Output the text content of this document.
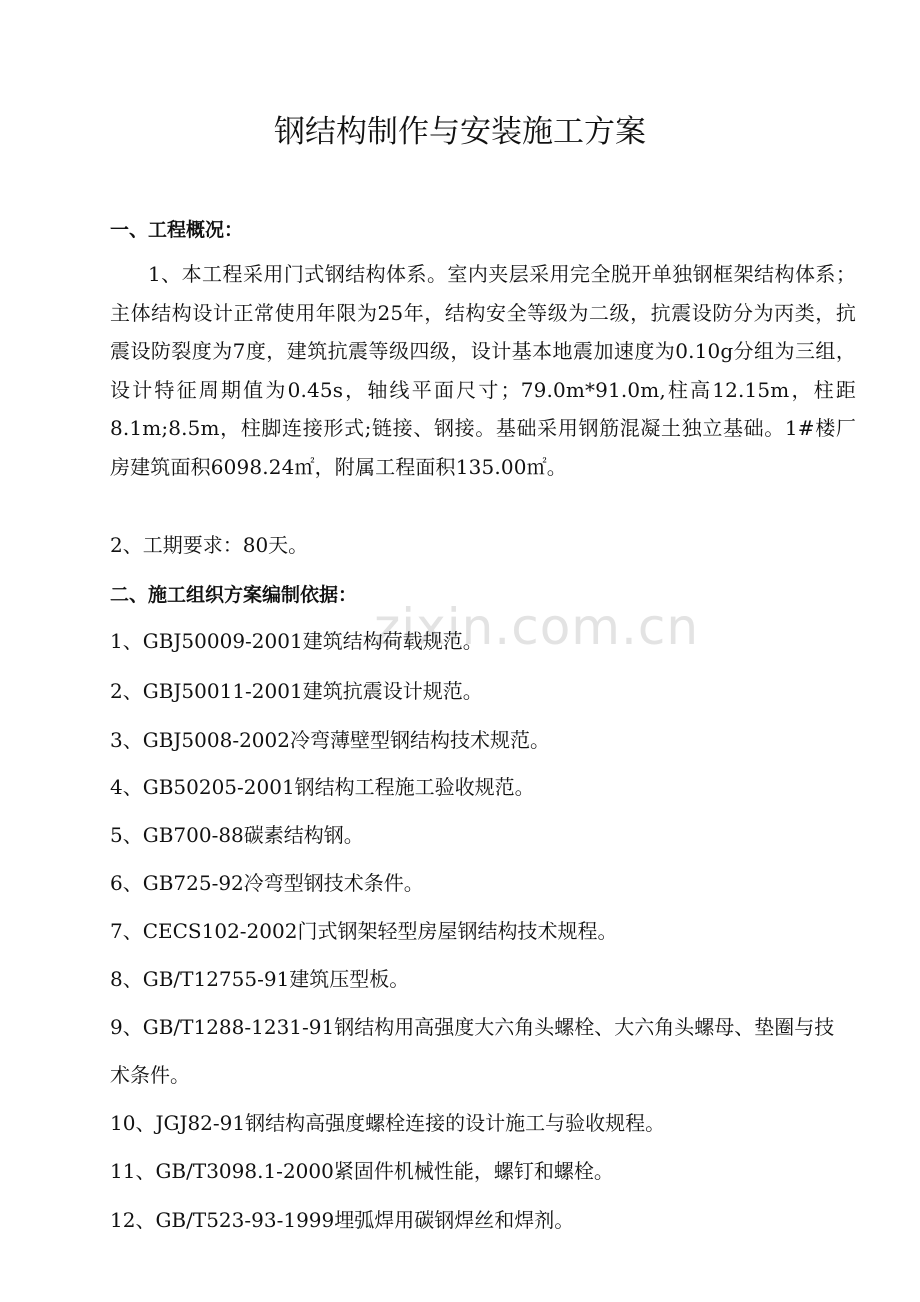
zixin.com.cn
钢结构制作与安装施工方案
一、工程概况：
1、本工程采用门式钢结构体系。室内夹层采用完全脱开单独钢框架结构体系；主体结构设计正常使用年限为25年，结构安全等级为二级，抗震设防分为丙类，抗震设防裂度为7度，建筑抗震等级四级，设计基本地震加速度为0.10g分组为三组，设计特征周期值为0.45s，轴线平面尺寸；79.0m*91.0m,柱高12.15m，柱距8.1m;8.5m，柱脚连接形式;链接、钢接。基础采用钢筋混凝土独立基础。1#楼厂房建筑面积6098.24㎡，附属工程面积135.00㎡。
2、工期要求：80天。
二、施工组织方案编制依据：
1、GBJ50009-2001建筑结构荷载规范。
2、GBJ50011-2001建筑抗震设计规范。
3、GBJ5008-2002冷弯薄壁型钢结构技术规范。
4、GB50205-2001钢结构工程施工验收规范。
5、GB700-88碳素结构钢。
6、GB725-92冷弯型钢技术条件。
7、CECS102-2002门式钢架轻型房屋钢结构技术规程。
8、GB/T12755-91建筑压型板。
9、GB/T1288-1231-91钢结构用高强度大六角头螺栓、大六角头螺母、垫圈与技
术条件。
10、JGJ82-91钢结构高强度螺栓连接的设计施工与验收规程。
11、GB/T3098.1-2000紧固件机械性能，螺钉和螺栓。
12、GB/T523-93-1999埋弧焊用碳钢焊丝和焊剂。
